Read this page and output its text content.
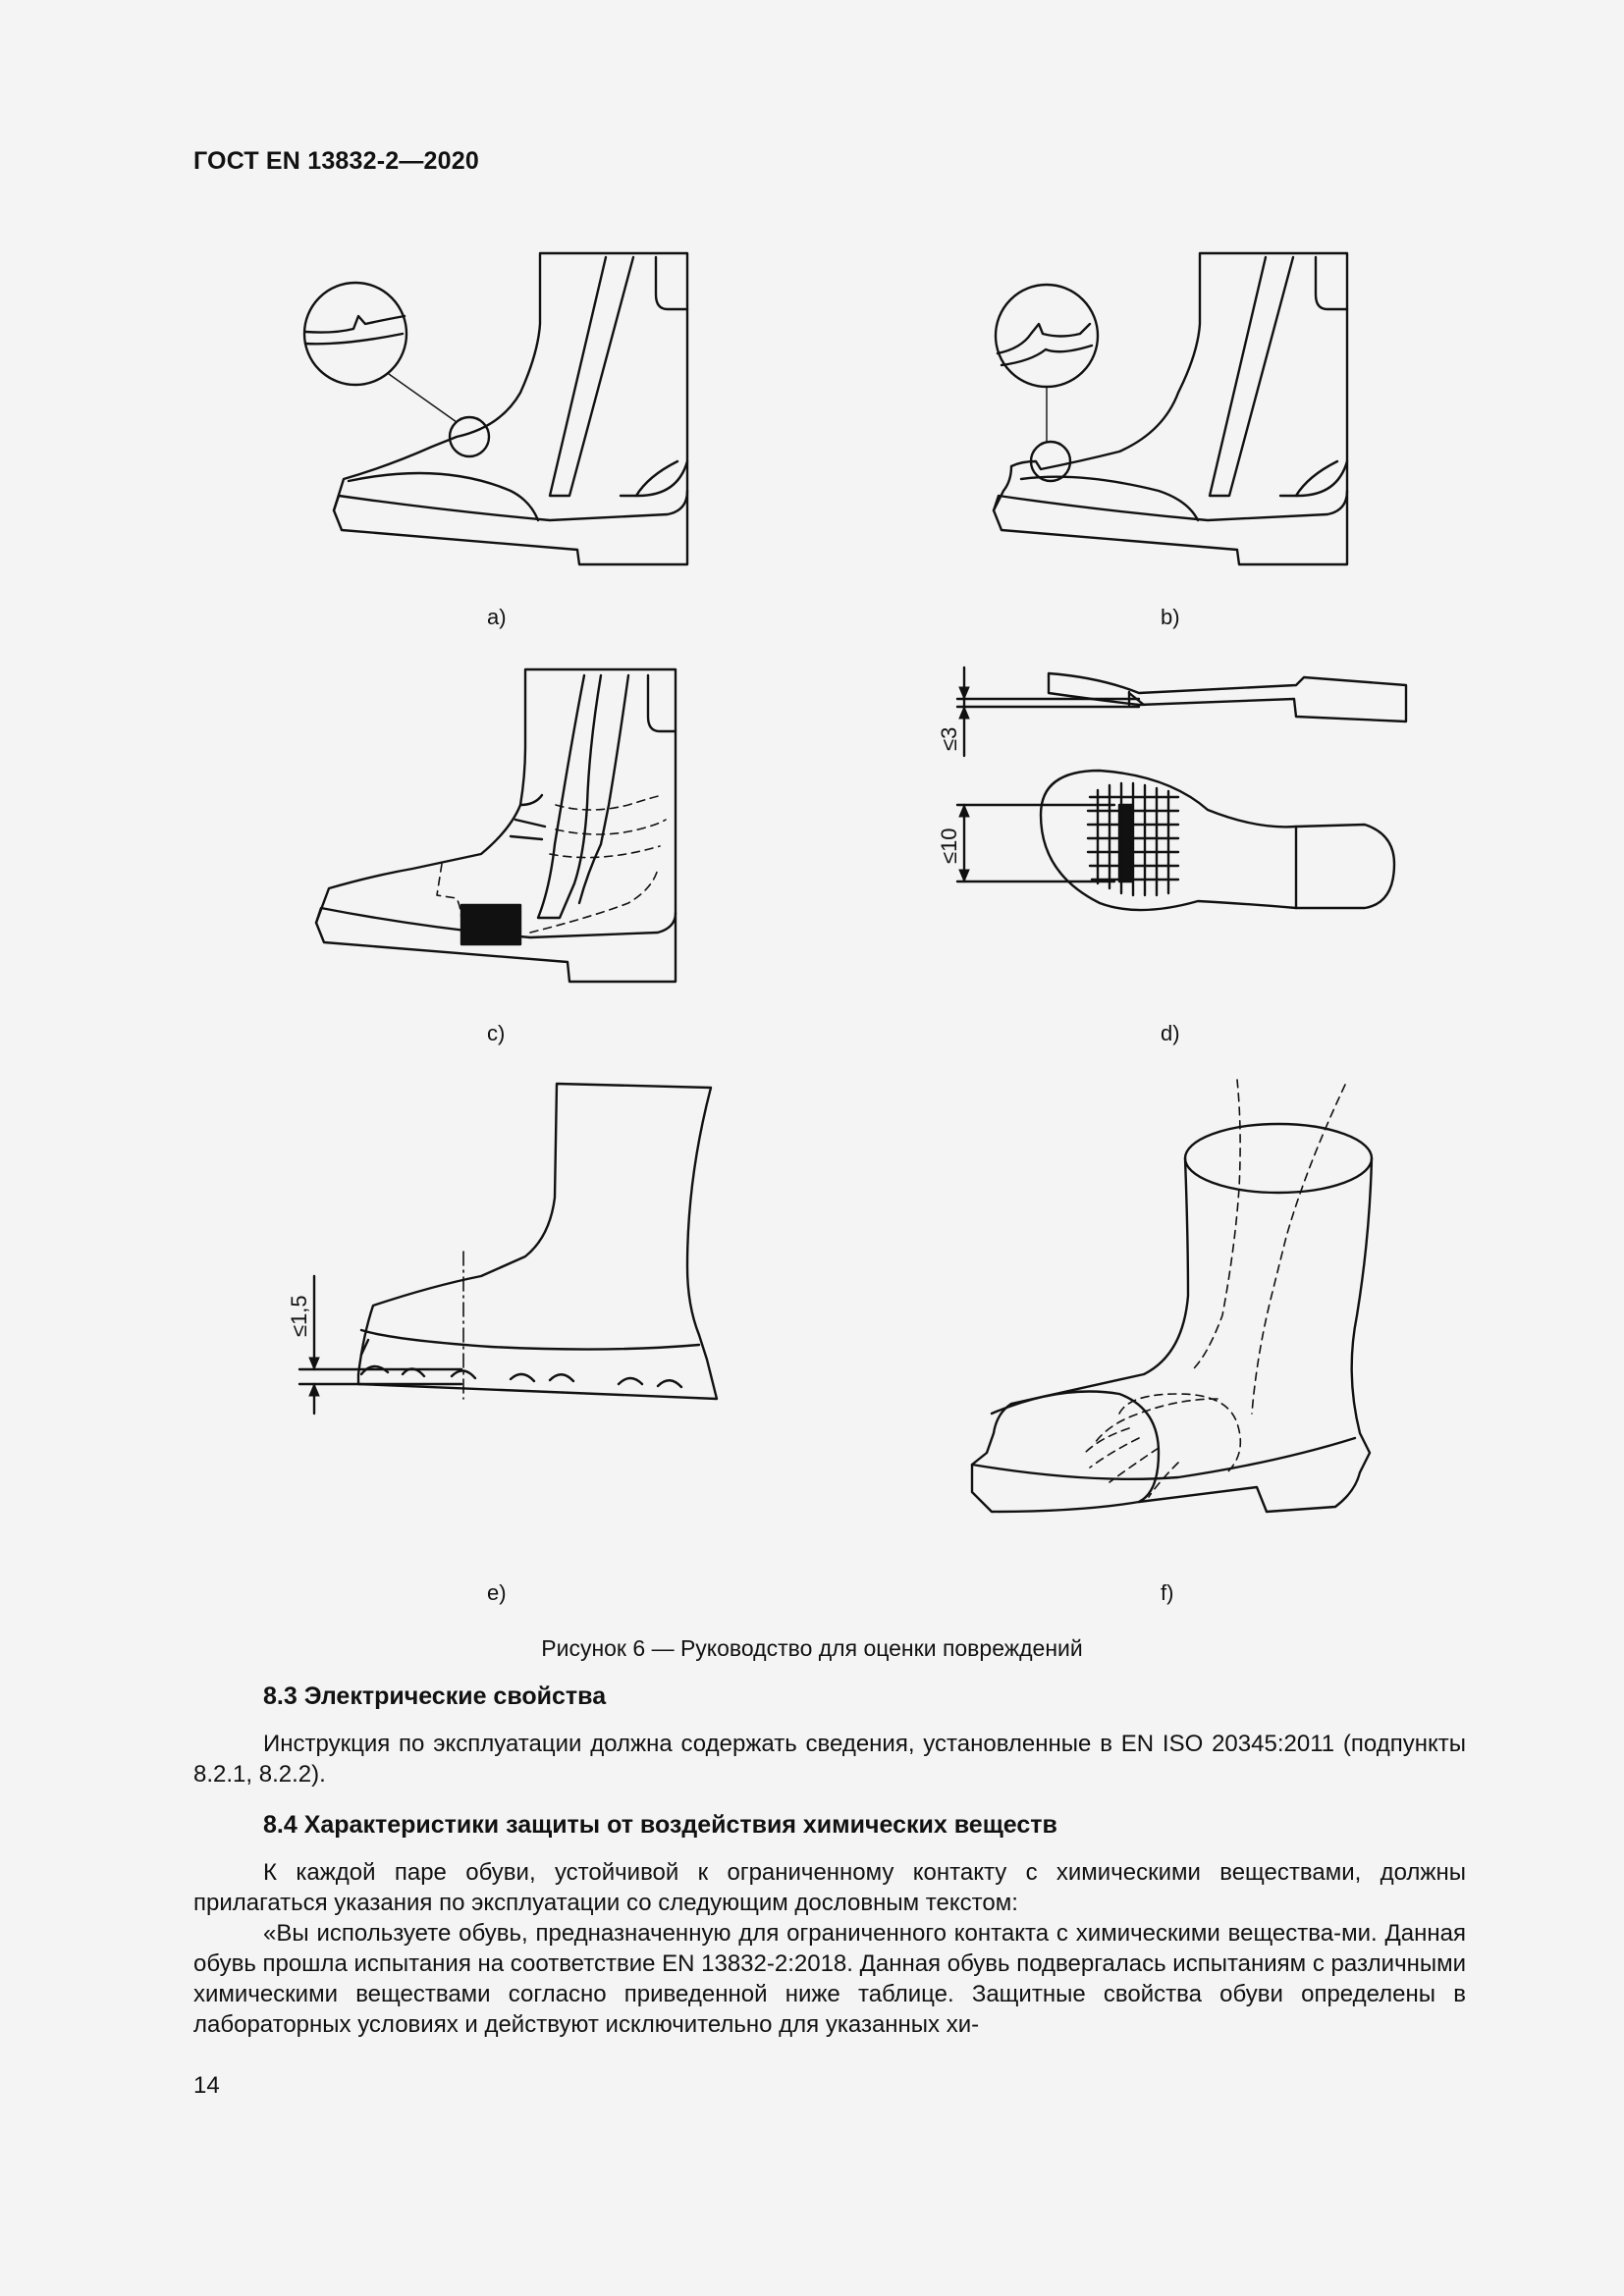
ГОСТ EN 13832-2—2020
a)	b)
c)
≤3
≤10
d)
≤1,5
e)	f)
Рисунок 6 — Руководство для оценки повреждений
8.3 Электрические свойства
Инструкция по эксплуатации должна содержать сведения, установленные в EN ISO 20345:2011 (подпункты 8.2.1, 8.2.2).
8.4 Характеристики защиты от воздействия химических веществ
К каждой паре обуви, устойчивой к ограниченному контакту с химическими веществами, должны прилагаться указания по эксплуатации со следующим дословным текстом:
«Вы используете обувь, предназначенную для ограниченного контакта с химическими вещества-ми. Данная обувь прошла испытания на соответствие EN 13832-2:2018. Данная обувь подвергалась испытаниям с различными химическими веществами согласно приведенной ниже таблице. Защитные свойства обуви определены в лабораторных условиях и действуют исключительно для указанных хи-
14
